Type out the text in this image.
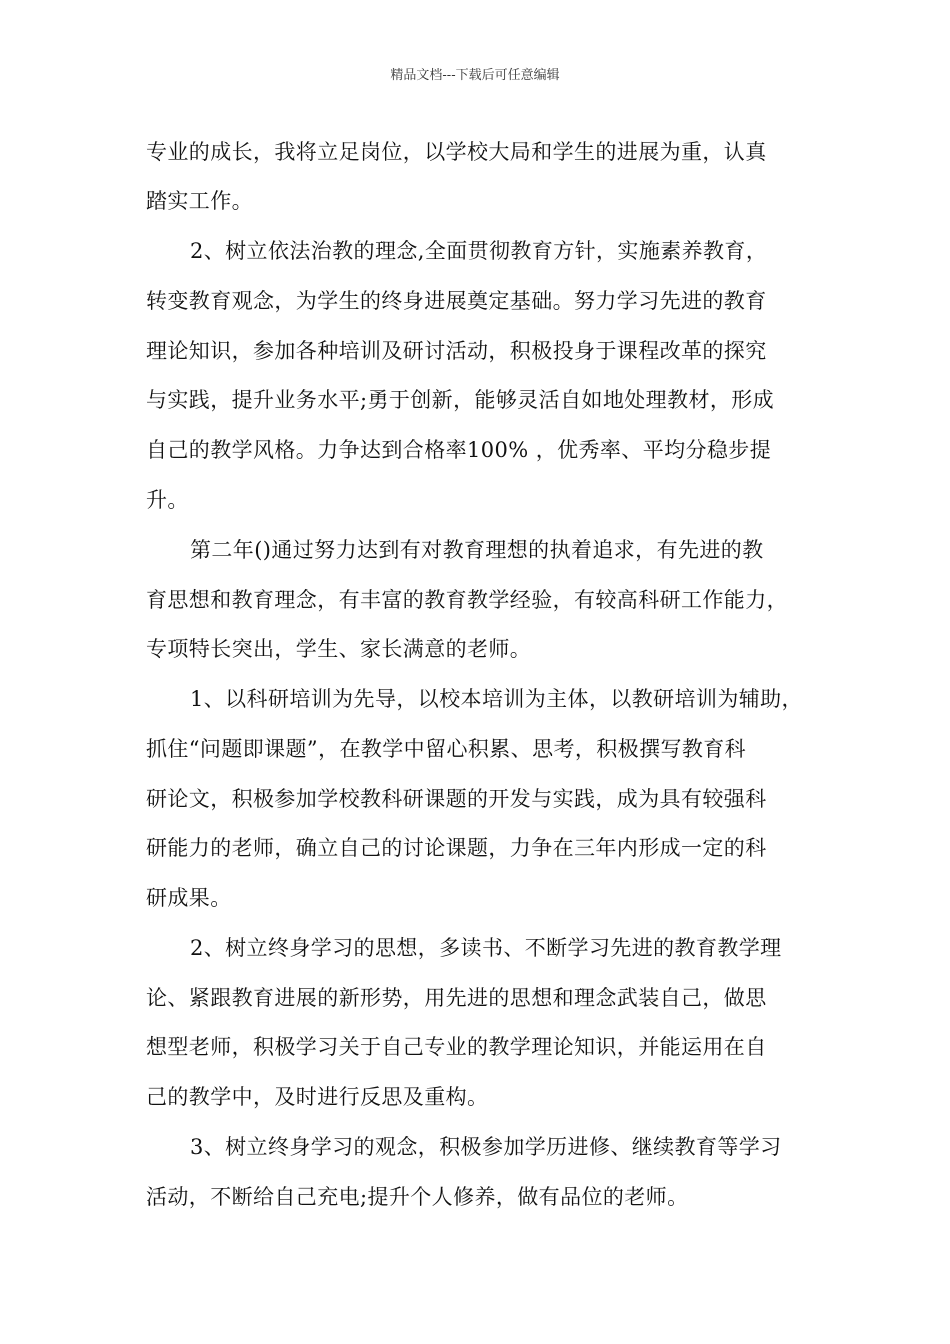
精品文档---下载后可任意编辑
专业的成长，我将立足岗位，以学校大局和学生的进展为重，认真
踏实工作。
2、树立依法治教的理念,全面贯彻教育方针，实施素养教育，
转变教育观念，为学生的终身进展奠定基础。努力学习先进的教育
理论知识，参加各种培训及研讨活动，积极投身于课程改革的探究
与实践，提升业务水平;勇于创新，能够灵活自如地处理教材，形成
自己的教学风格。力争达到合格率100% ，优秀率、平均分稳步提
升。
第二年()通过努力达到有对教育理想的执着追求，有先进的教
育思想和教育理念，有丰富的教育教学经验，有较高科研工作能力，
专项特长突出，学生、家长满意的老师。
1、以科研培训为先导，以校本培训为主体，以教研培训为辅助，
抓住“问题即课题”，在教学中留心积累、思考，积极撰写教育科
研论文，积极参加学校教科研课题的开发与实践，成为具有较强科
研能力的老师，确立自己的讨论课题，力争在三年内形成一定的科
研成果。
2、树立终身学习的思想，多读书、不断学习先进的教育教学理
论、紧跟教育进展的新形势，用先进的思想和理念武装自己，做思
想型老师，积极学习关于自己专业的教学理论知识，并能运用在自
己的教学中，及时进行反思及重构。
3、树立终身学习的观念，积极参加学历进修、继续教育等学习
活动，不断给自己充电;提升个人修养，做有品位的老师。
